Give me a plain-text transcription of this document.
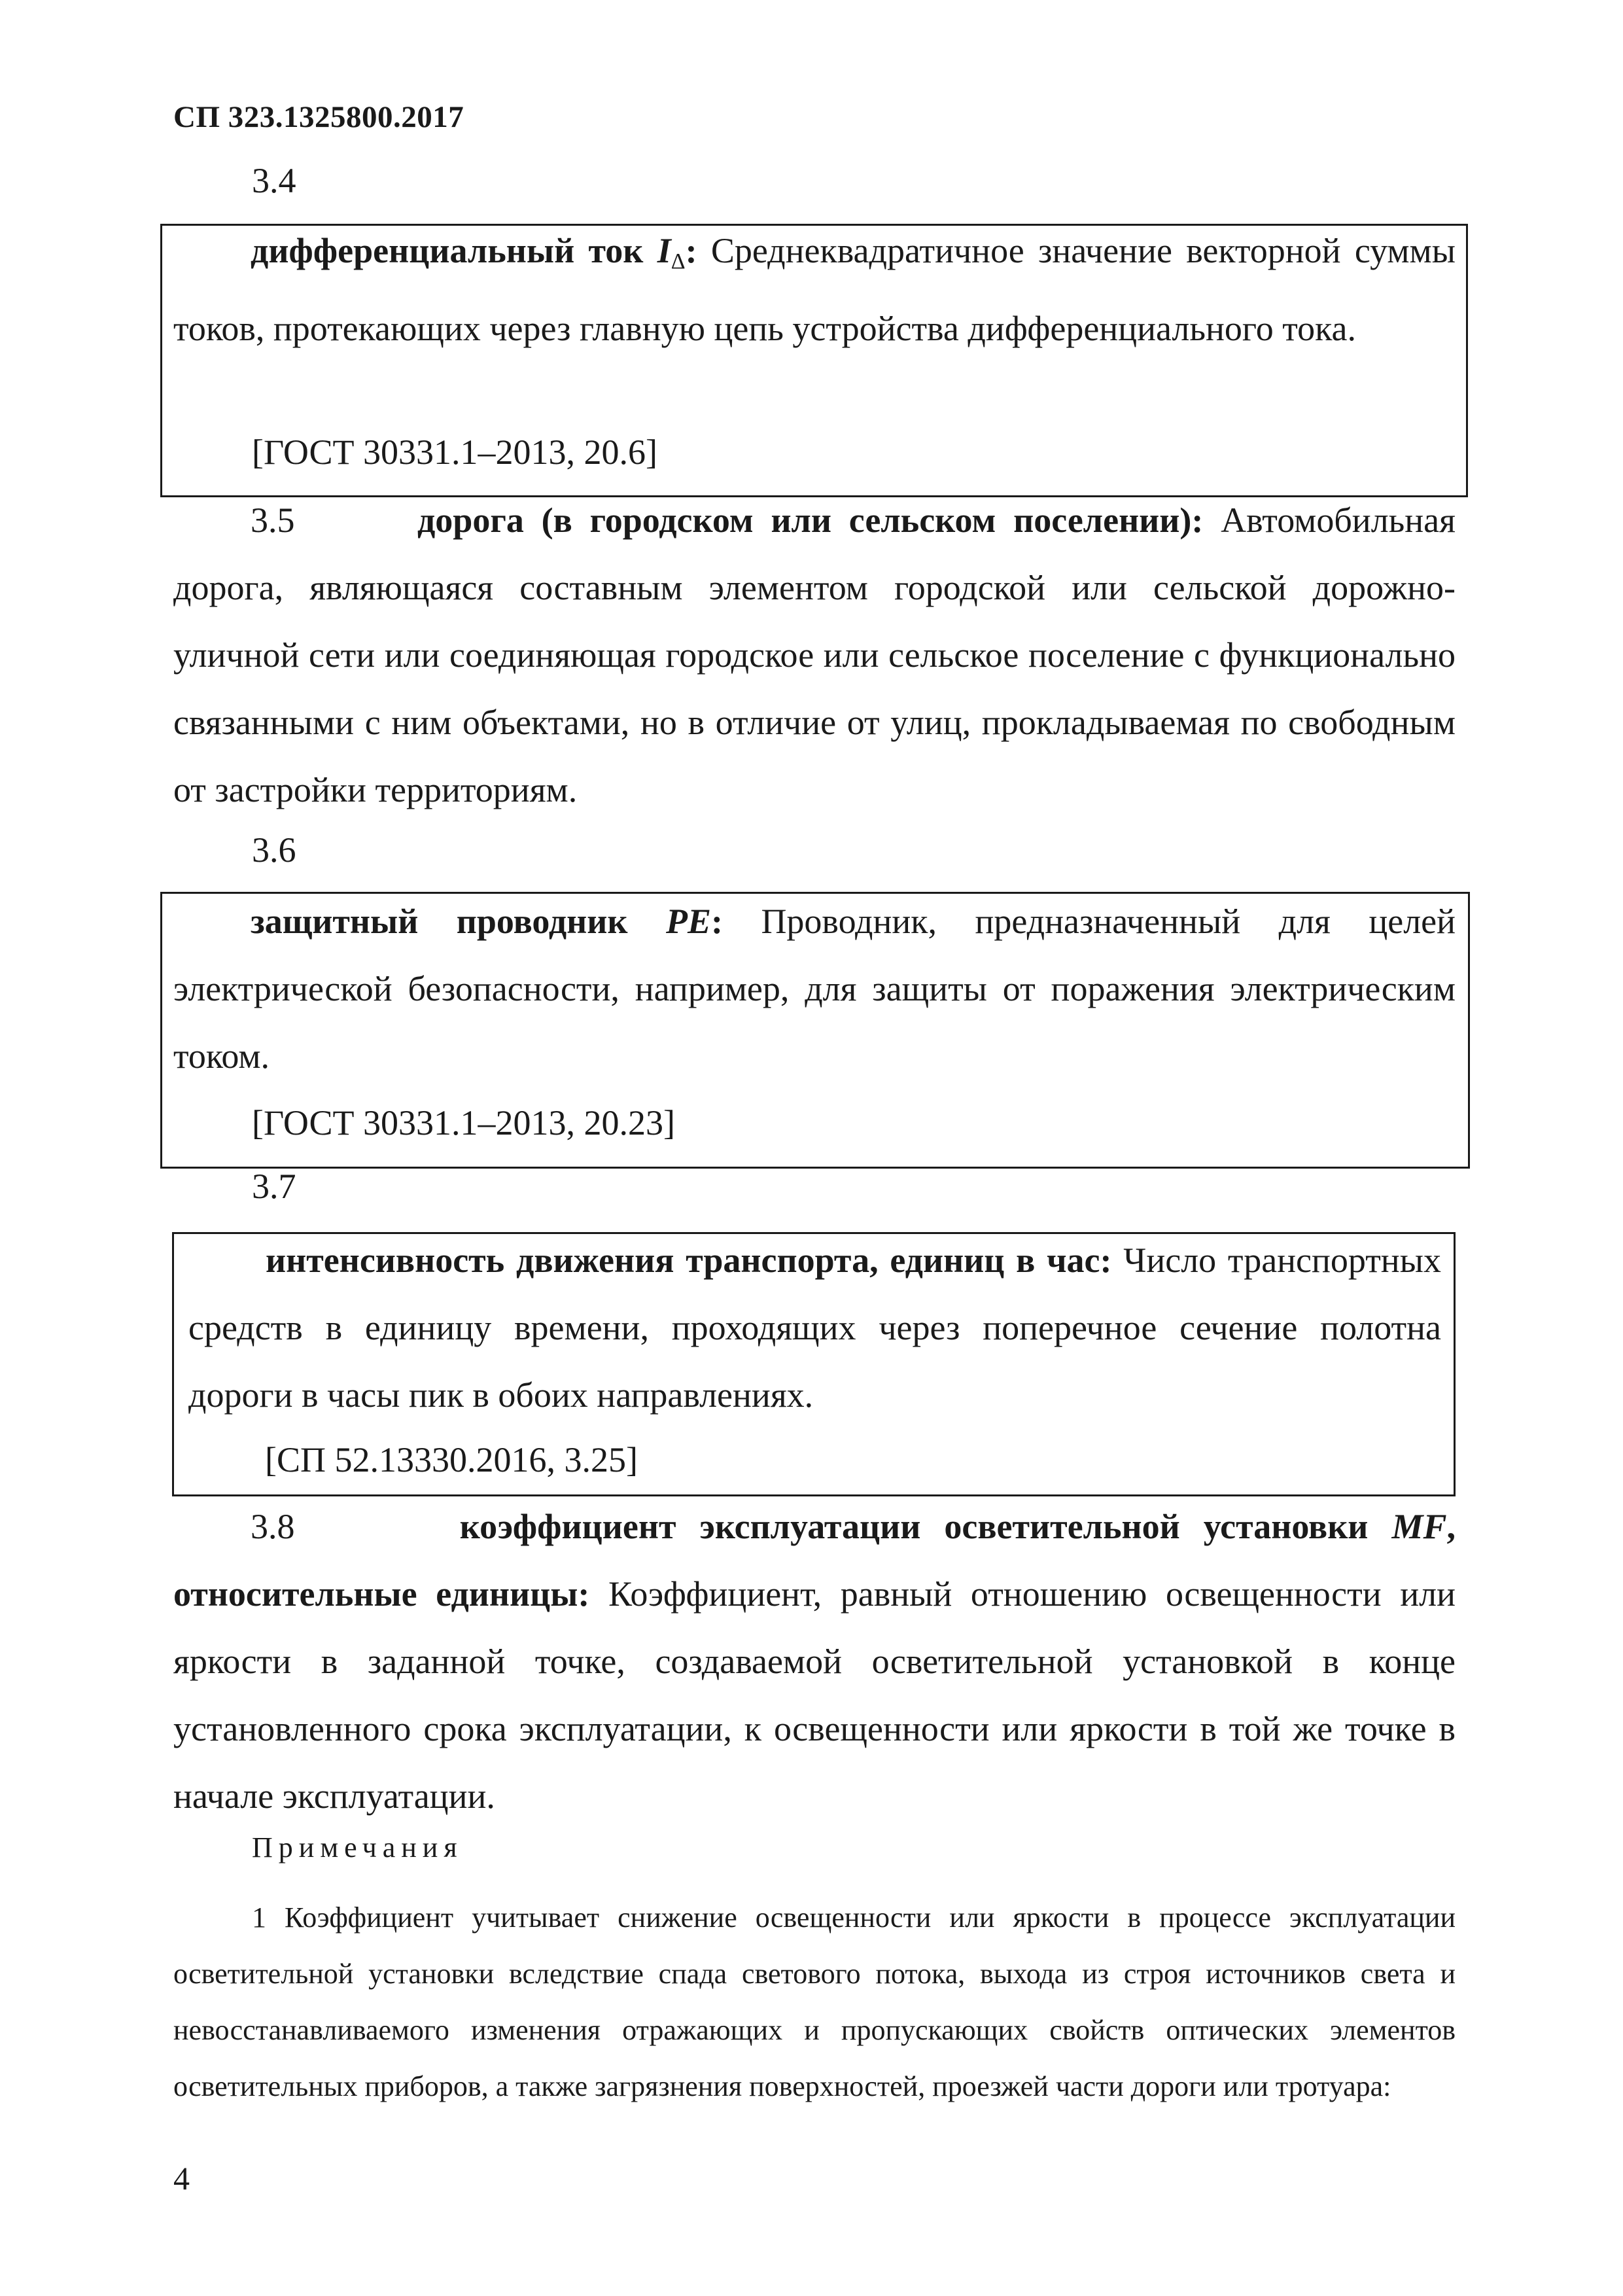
СП 323.1325800.2017
3.4

дифференциальный ток $I_\Delta$: Среднеквадратичное значение векторной суммы токов, протекающих через главную цепь устройства дифференциального тока.

[ГОСТ 30331.1–2013, 20.6]

3.5	дорога (в городском или сельском поселении): Автомобильная дорога, являющаяся составным элементом городской или сельской дорожно-уличной сети или соединяющая городское или сельское поселение с функционально связанными с ним объектами, но в отличие от улиц, прокладываемая по свободным от застройки территориям.

3.6

защитный проводник PE: Проводник, предназначенный для целей электрической безопасности, например, для защиты от поражения электрическим током.

[ГОСТ 30331.1–2013, 20.23]

3.7

интенсивность движения транспорта, единиц в час: Число транспортных средств в единицу времени, проходящих через поперечное сечение полотна дороги в часы пик в обоих направлениях.

[СП 52.13330.2016, 3.25]

3.8	коэффициент эксплуатации осветительной установки MF, относительные единицы: Коэффициент, равный отношению освещенности или яркости в заданной точке, создаваемой осветительной установкой в конце установленного срока эксплуатации, к освещенности или яркости в той же точке в начале эксплуатации.

Примечания

1 Коэффициент учитывает снижение освещенности или яркости в процессе эксплуатации осветительной установки вследствие спада светового потока, выхода из строя источников света и невосстанавливаемого изменения отражающих и пропускающих свойств оптических элементов осветительных приборов, а также загрязнения поверхностей, проезжей части дороги или тротуара:

4
